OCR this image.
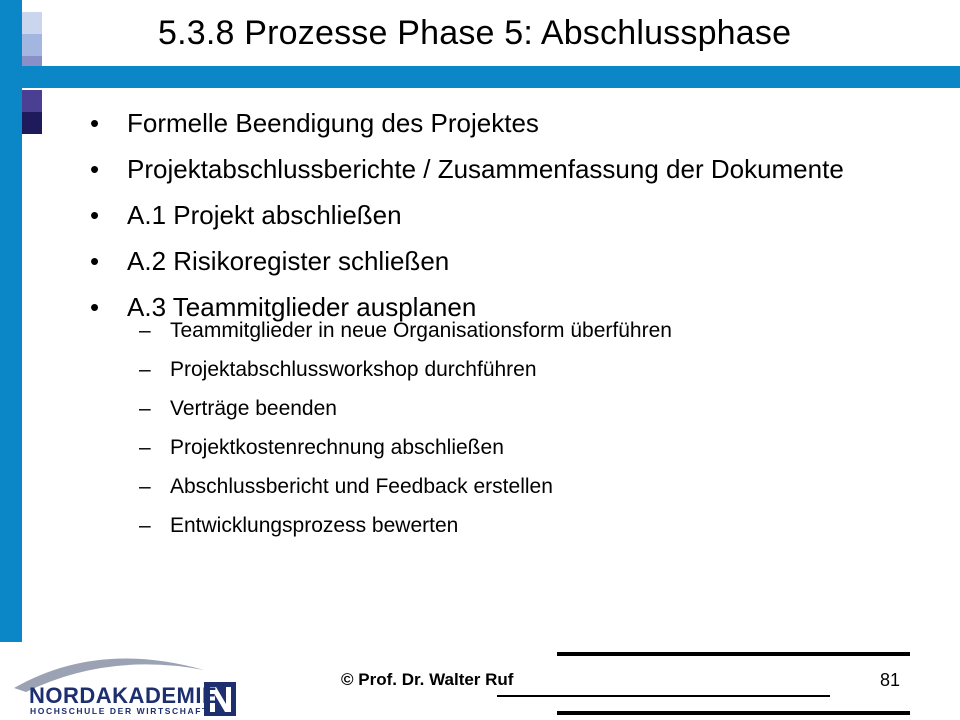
5.3.8 Prozesse Phase 5: Abschlussphase
• Formelle Beendigung des Projektes
• Projektabschlussberichte / Zusammenfassung der Dokumente
• A.1 Projekt abschließen
• A.2 Risikoregister schließen
• A.3 Teammitglieder ausplanen
– Teammitglieder in neue Organisationsform überführen
– Projektabschlussworkshop durchführen
– Verträge beenden
– Projektkostenrechnung abschließen
– Abschlussbericht und Feedback erstellen
– Entwicklungsprozess bewerten
NORDAKADEMIE
HOCHSCHULE DER WIRTSCHAFT
© Prof. Dr. Walter Ruf	81
